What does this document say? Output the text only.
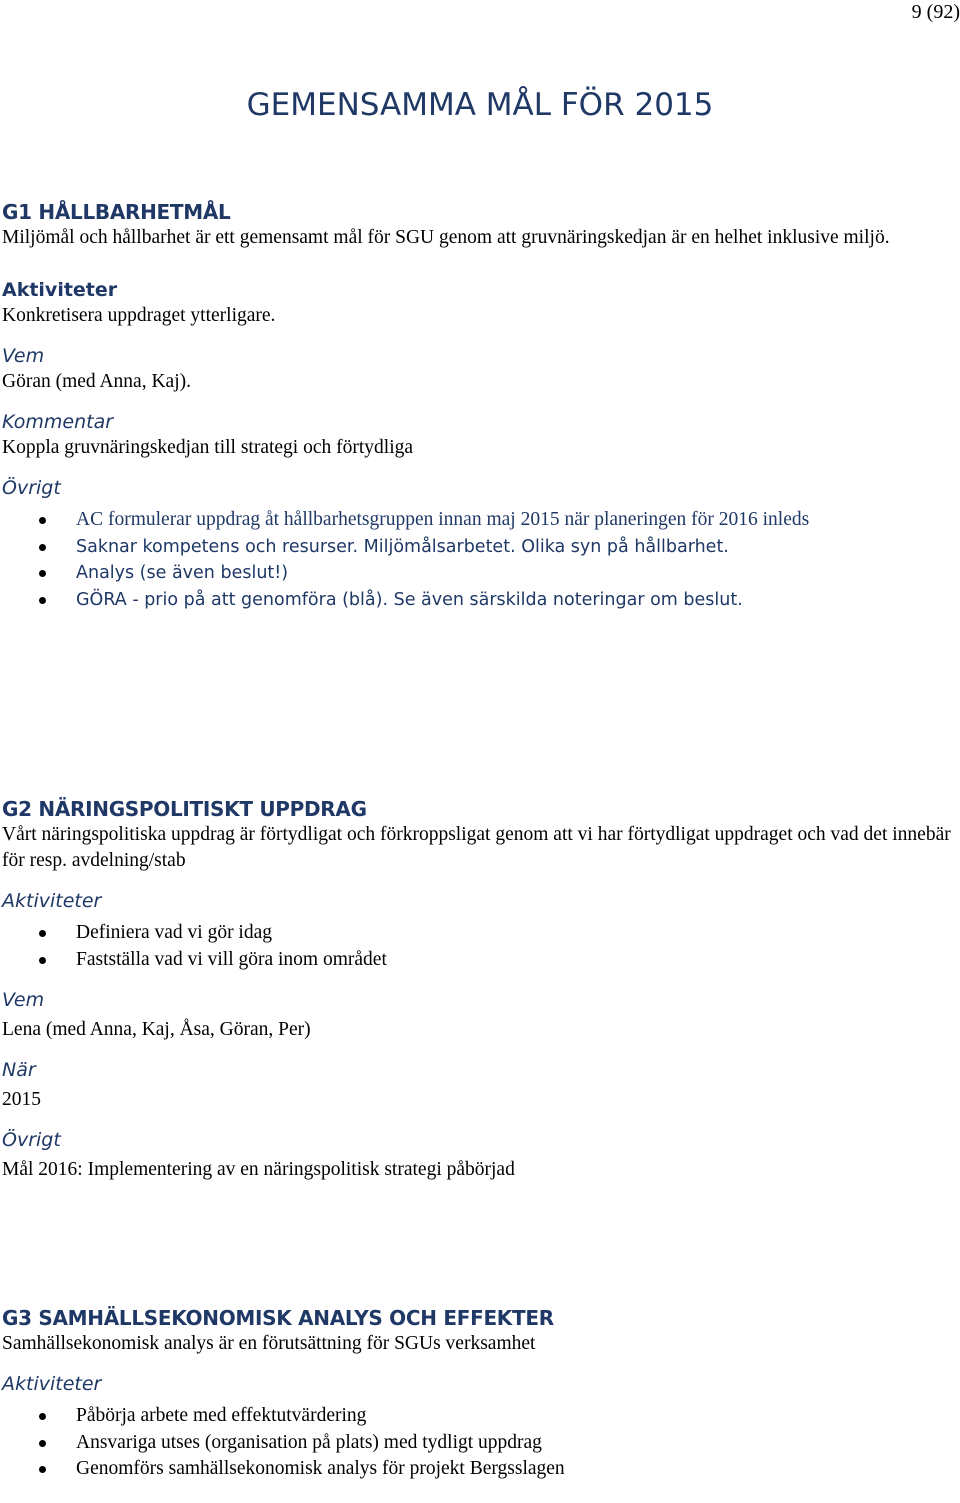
9 (92)
GEMENSAMMA MÅL FÖR 2015

G1 HÅLLBARHETMÅL

Miljömål och hållbarhet är ett gemensamt mål för SGU genom att gruvnäringskedjan är en helhet inklusive miljö.

Aktiviteter

Konkretisera uppdraget ytterligare.

Vem

Göran (med Anna, Kaj).

Kommentar

Koppla gruvnäringskedjan till strategi och förtydliga

Övrigt

AC formulerar uppdrag åt hållbarhetsgruppen innan maj 2015 när planeringen för 2016 inleds
Saknar kompetens och resurser. Miljömålsarbetet. Olika syn på hållbarhet.
Analys (se även beslut!)
GÖRA - prio på att genomföra (blå). Se även särskilda noteringar om beslut.

G2 NÄRINGSPOLITISKT UPPDRAG

Vårt näringspolitiska uppdrag är förtydligat och förkroppsligat genom att vi har förtydligat uppdraget och vad det innebär för resp. avdelning/stab

Aktiviteter

Definiera vad vi gör idag
Fastställa vad vi vill göra inom området

Vem

Lena (med Anna, Kaj, Åsa, Göran, Per)

När

2015

Övrigt

Mål 2016: Implementering av en näringspolitisk strategi påbörjad

G3 SAMHÄLLSEKONOMISK ANALYS OCH EFFEKTER

Samhällsekonomisk analys är en förutsättning för SGUs verksamhet

Aktiviteter

Påbörja arbete med effektutvärdering
Ansvariga utses (organisation på plats) med tydligt uppdrag
Genomförs samhällsekonomisk analys för projekt Bergsslagen
